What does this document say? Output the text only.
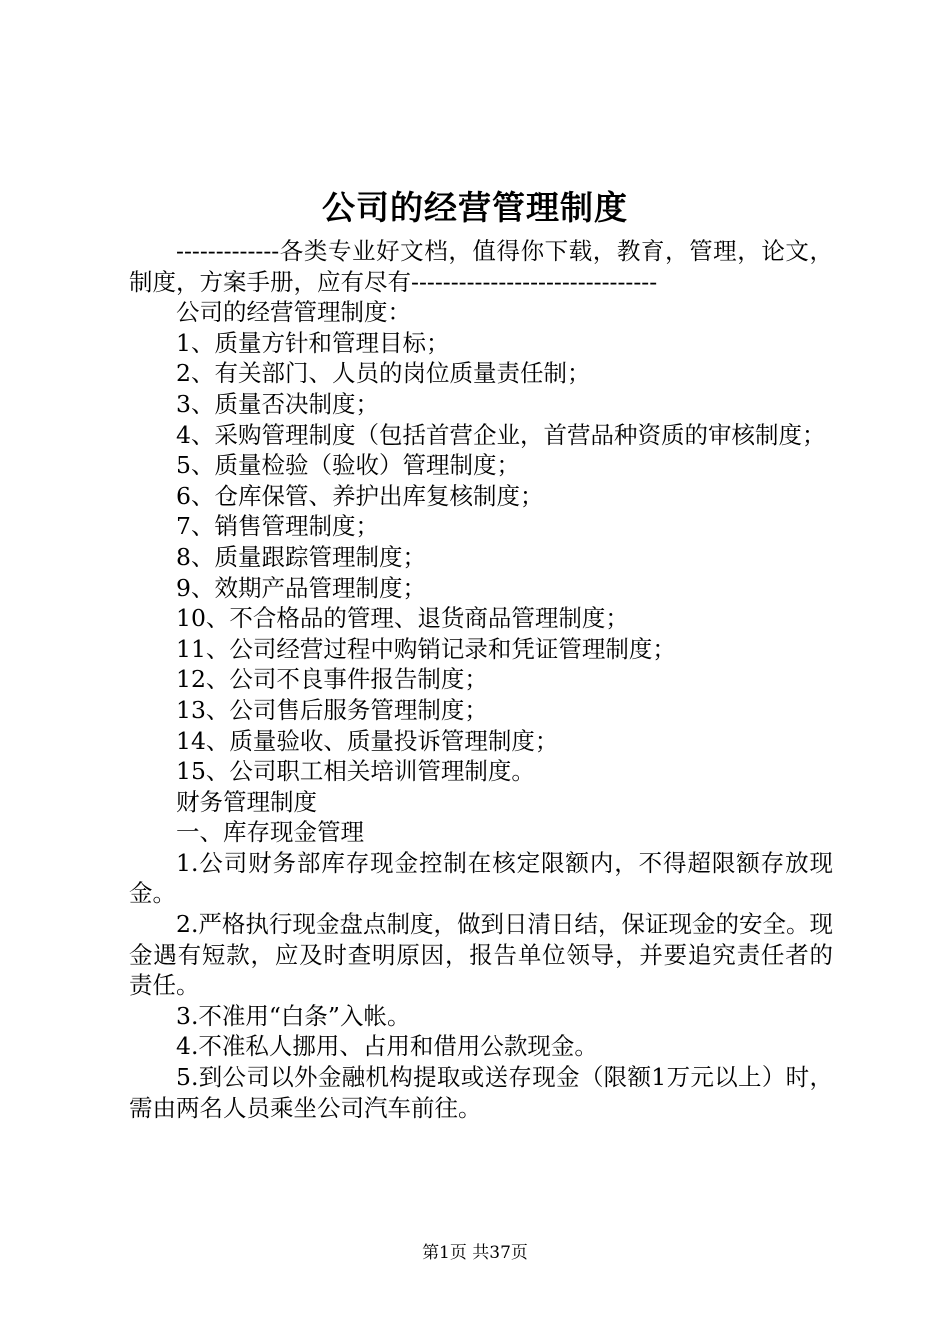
公司的经营管理制度

-------------各类专业好文档，值得你下载，教育，管理，论文，制度，方案手册，应有尽有-------------------------------

公司的经营管理制度：

1、质量方针和管理目标；

2、有关部门、人员的岗位质量责任制；

3、质量否决制度；

4、采购管理制度（包括首营企业，首营品种资质的审核制度；

5、质量检验（验收）管理制度；

6、仓库保管、养护出库复核制度；

7、销售管理制度；

8、质量跟踪管理制度；

9、效期产品管理制度；

10、不合格品的管理、退货商品管理制度；

11、公司经营过程中购销记录和凭证管理制度；

12、公司不良事件报告制度；

13、公司售后服务管理制度；

14、质量验收、质量投诉管理制度；

15、公司职工相关培训管理制度。

财务管理制度

一、库存现金管理

1.公司财务部库存现金控制在核定限额内，不得超限额存放现金。

2.严格执行现金盘点制度，做到日清日结，保证现金的安全。现金遇有短款，应及时查明原因，报告单位领导，并要追究责任者的责任。

3.不准用“白条”入帐。

4.不准私人挪用、占用和借用公款现金。

5.到公司以外金融机构提取或送存现金（限额1万元以上）时，需由两名人员乘坐公司汽车前往。

第1页 共37页
